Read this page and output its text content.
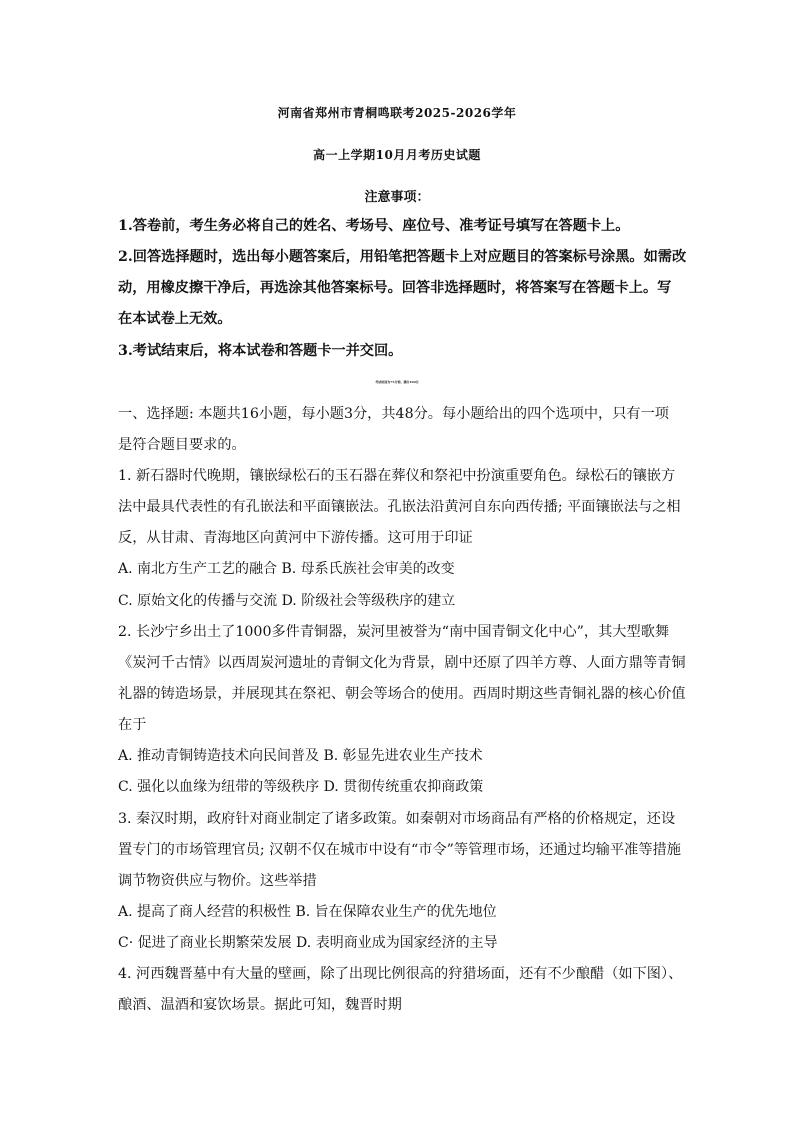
河南省郑州市青桐鸣联考2025-2026学年
高一上学期10月月考历史试题
注意事项：
1.答卷前，考生务必将自己的姓名、考场号、座位号、准考证号填写在答题卡上。
2.回答选择题时，选出每小题答案后，用铅笔把答题卡上对应题目的答案标号涂黑。如需改
动，用橡皮擦干净后，再选涂其他答案标号。回答非选择题时，将答案写在答题卡上。写
在本试卷上无效。
3.考试结束后，将本试卷和答题卡一并交回。
考试时间为75分钟，满分100分
一、选择题: 本题共16小题，每小题3分，共48分。每小题给出的四个选项中，只有一项
是符合题目要求的。
1. 新石器时代晚期，镶嵌绿松石的玉石器在葬仪和祭祀中扮演重要角色。绿松石的镶嵌方
法中最具代表性的有孔嵌法和平面镶嵌法。孔嵌法沿黄河自东向西传播; 平面镶嵌法与之相
反，从甘肃、青海地区向黄河中下游传播。这可用于印证
A. 南北方生产工艺的融合 B. 母系氏族社会审美的改变
C. 原始文化的传播与交流 D. 阶级社会等级秩序的建立
2. 长沙宁乡出土了1000多件青铜器，炭河里被誉为“南中国青铜文化中心”，其大型歌舞
《炭河千古情》以西周炭河遗址的青铜文化为背景，剧中还原了四羊方尊、人面方鼎等青铜
礼器的铸造场景，并展现其在祭祀、朝会等场合的使用。西周时期这些青铜礼器的核心价值
在于
A. 推动青铜铸造技术向民间普及 B. 彰显先进农业生产技术
C. 强化以血缘为纽带的等级秩序 D. 贯彻传统重农抑商政策
3. 秦汉时期，政府针对商业制定了诸多政策。如秦朝对市场商品有严格的价格规定，还设
置专门的市场管理官员; 汉朝不仅在城市中设有“市令”等管理市场，还通过均输平准等措施
调节物资供应与物价。这些举措
A. 提高了商人经营的积极性 B. 旨在保障农业生产的优先地位
C· 促进了商业长期繁荣发展 D. 表明商业成为国家经济的主导
4. 河西魏晋墓中有大量的壁画，除了出现比例很高的狩猎场面，还有不少酿醋（如下图）、
酿酒、温酒和宴饮场景。据此可知，魏晋时期
